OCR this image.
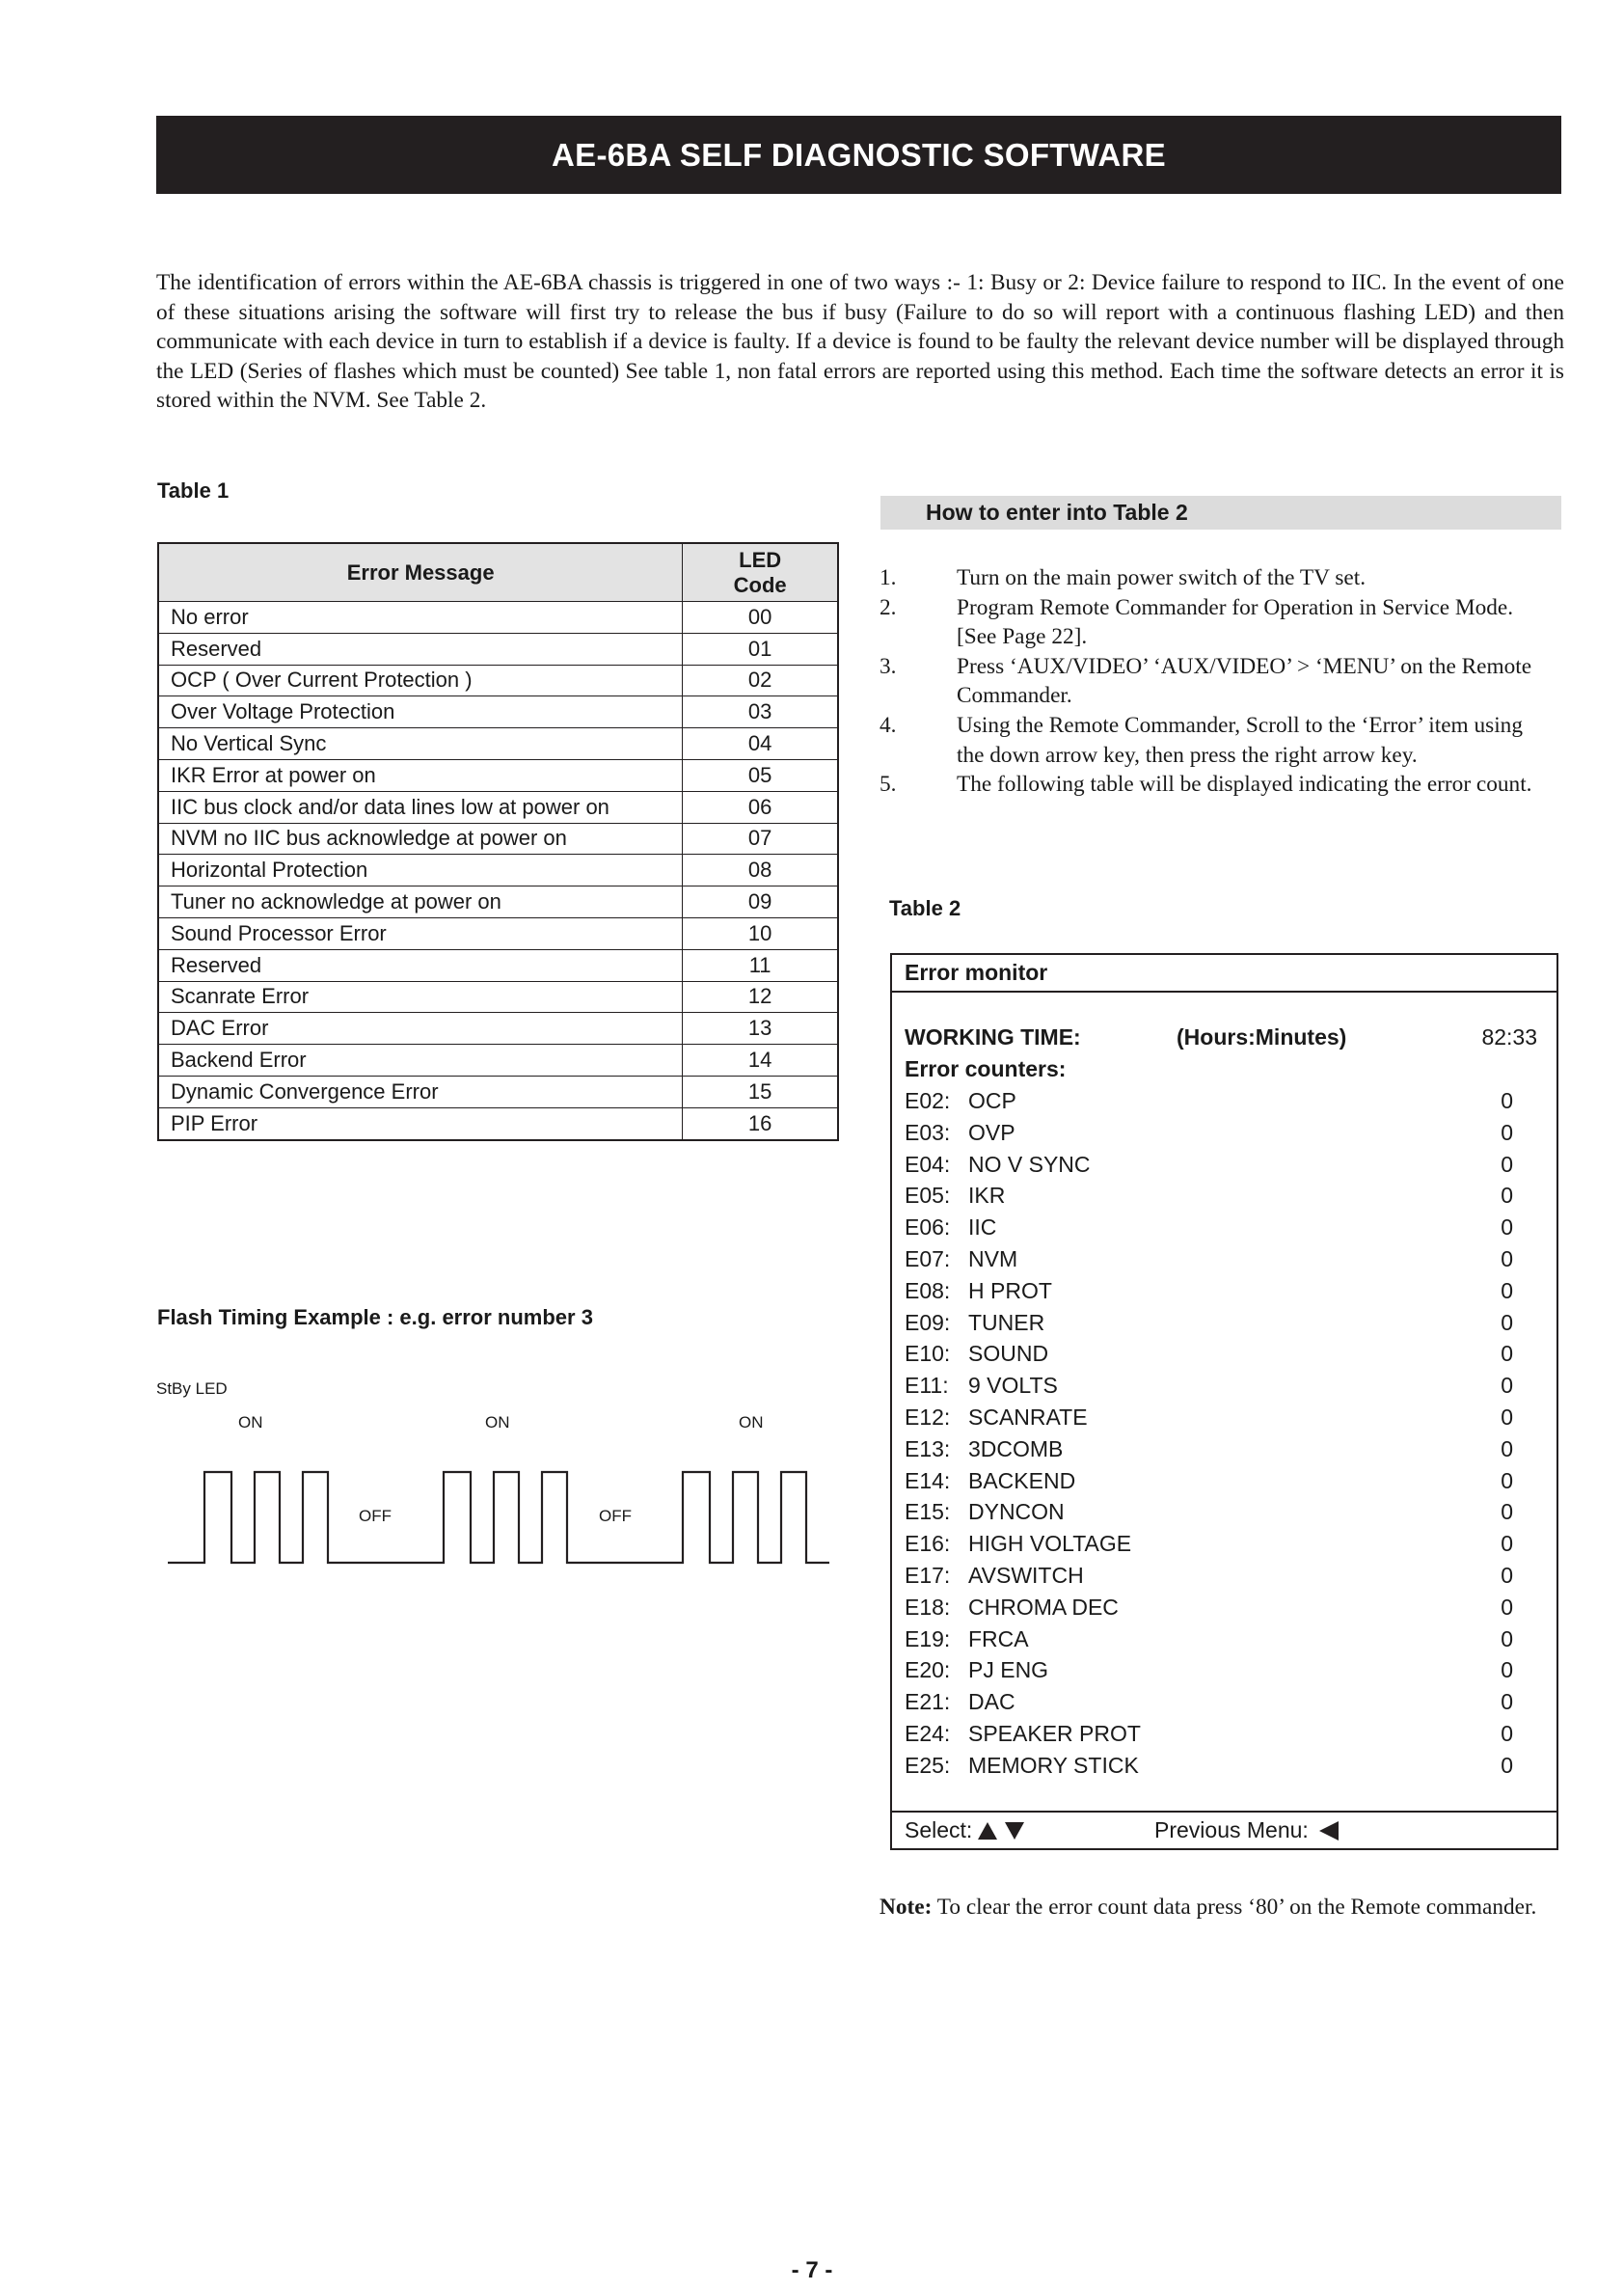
AE-6BA SELF DIAGNOSTIC SOFTWARE
The identification of errors within the AE-6BA chassis is triggered in one of two ways :- 1: Busy or 2: Device failure to respond to IIC. In the event of one of these situations arising the software will first try to release the bus if busy (Failure to do so will report with a continuous flashing LED) and then communicate with each device in turn to establish if a device is faulty. If a device is found to be faulty the relevant device number will be displayed through the LED (Series of flashes which must be counted) See table 1, non fatal errors are reported using this method. Each time the software detects an error it is stored within the NVM. See Table 2.
Table 1
Error Message	LED Code
No error	00
Reserved	01
OCP ( Over Current Protection )	02
Over Voltage Protection	03
No Vertical Sync	04
IKR Error at power on	05
IIC bus clock and/or data lines low at power on	06
NVM no IIC bus acknowledge at power on	07
Horizontal Protection	08
Tuner no acknowledge at power on	09
Sound Processor Error	10
Reserved	11
Scanrate Error	12
DAC Error	13
Backend Error	14
Dynamic Convergence Error	15
PIP Error	16
Flash Timing Example : e.g. error number 3
StBy LED
ON	ON	ON
OFF	OFF
How to enter into Table 2
1.	Turn on the main power switch of the TV set.
2.	Program Remote Commander for Operation in Service Mode. [See Page 22].
3.	Press ‘AUX/VIDEO’ ‘AUX/VIDEO’ > ‘MENU’ on the Remote Commander.
4.	Using the Remote Commander, Scroll to the ‘Error’ item using the down arrow key, then press the right arrow key.
5.	The following table will be displayed indicating the error count.
Table 2
Error monitor
WORKING TIME:	(Hours:Minutes)	82:33
Error counters:
E02: OCP	0
E03: OVP	0
E04: NO V SYNC	0
E05: IKR	0
E06: IIC	0
E07: NVM	0
E08: H PROT	0
E09: TUNER	0
E10: SOUND	0
E11: 9 VOLTS	0
E12: SCANRATE	0
E13: 3DCOMB	0
E14: BACKEND	0
E15: DYNCON	0
E16: HIGH VOLTAGE	0
E17: AVSWITCH	0
E18: CHROMA DEC	0
E19: FRCA	0
E20: PJ ENG	0
E21: DAC	0
E24: SPEAKER PROT	0
E25: MEMORY STICK	0
Select:	Previous Menu:
Note: To clear the error count data press ‘80’ on the Remote commander.
- 7 -
